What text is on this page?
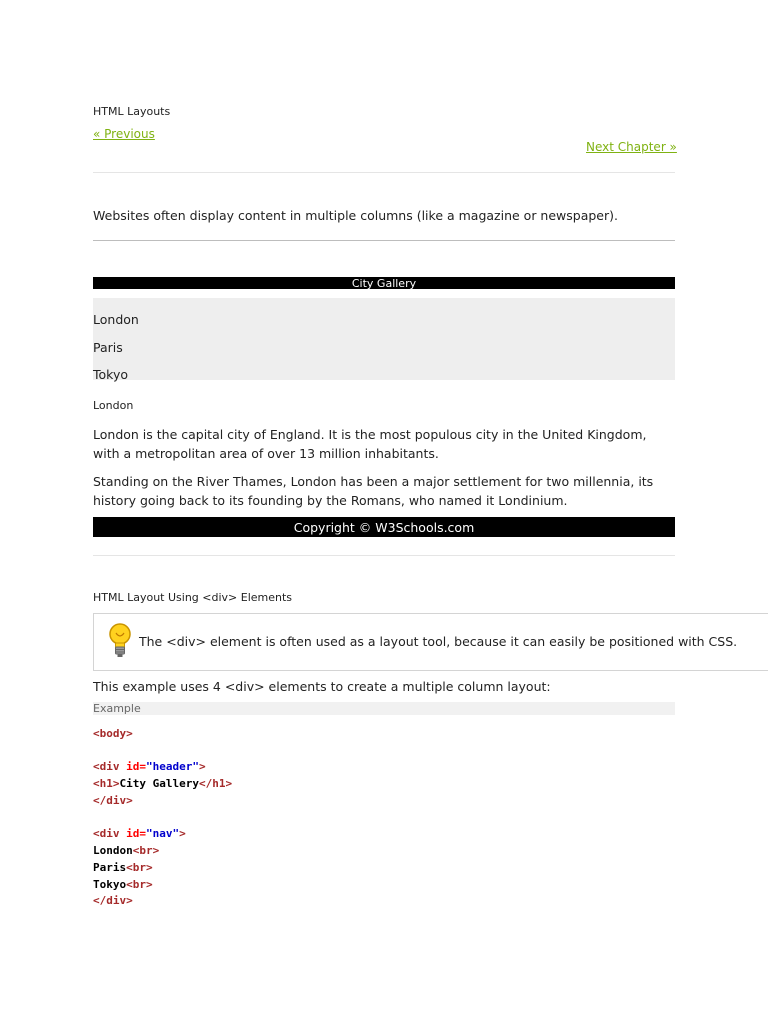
HTML Layouts
« Previous
Next Chapter »
Websites often display content in multiple columns (like a magazine or newspaper).
City Gallery
London
Paris
Tokyo
London
London is the capital city of England. It is the most populous city in the United Kingdom, with a metropolitan area of over 13 million inhabitants.
Standing on the River Thames, London has been a major settlement for two millennia, its history going back to its founding by the Romans, who named it Londinium.
Copyright © W3Schools.com
HTML Layout Using <div> Elements
The <div> element is often used as a layout tool, because it can easily be positioned with CSS.
This example uses 4 <div> elements to create a multiple column layout:
Example
<body>
<div id="header">
<h1>City Gallery</h1>
</div>
<div id="nav">
London<br>
Paris<br>
Tokyo<br>
</div>
